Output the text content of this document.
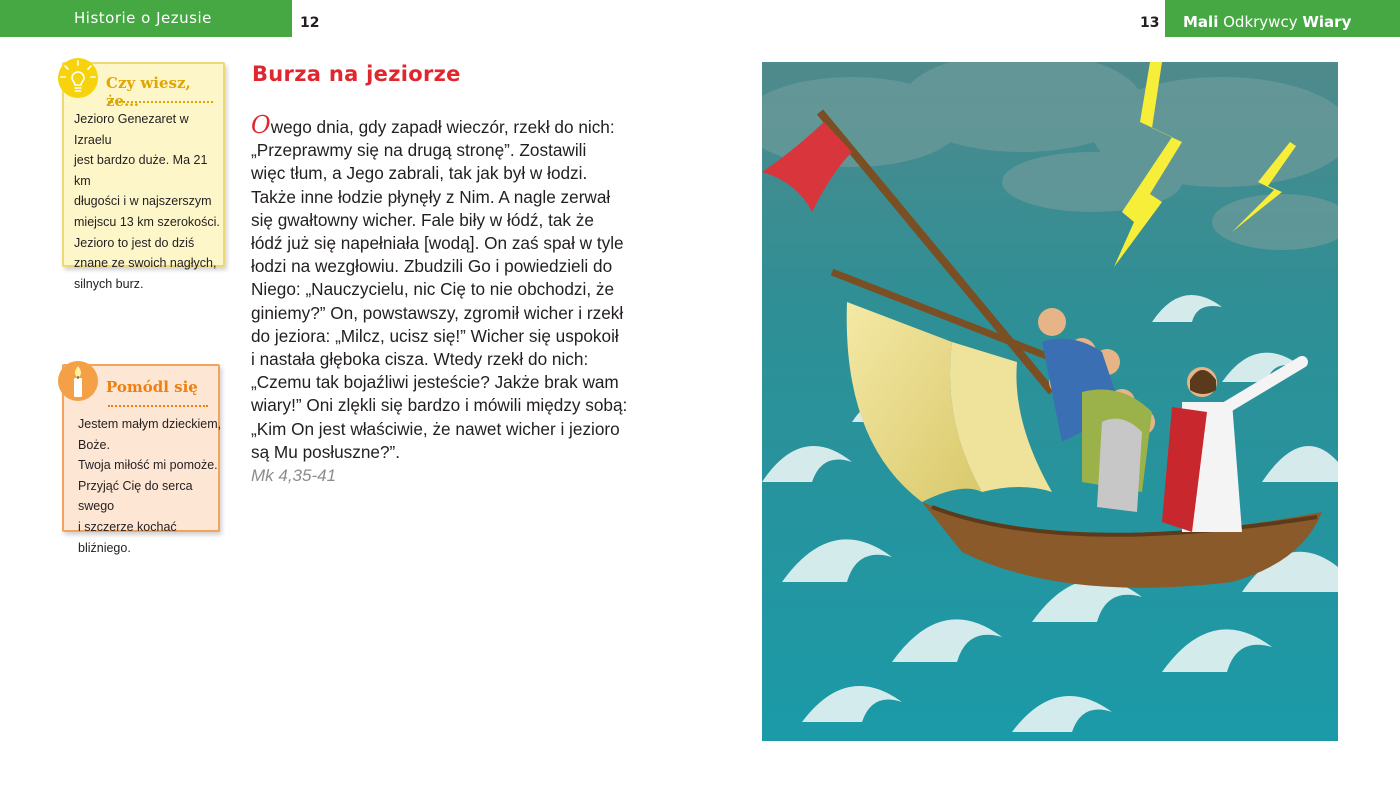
Historie o Jezusie	12	13	Mali Odkrywcy Wiary
Czy wiesz, że…
Jezioro Genezaret w Izraelu
jest bardzo duże. Ma 21 km
długości i w najszerszym
miejscu 13 km szerokości.
Jezioro to jest do dziś
znane ze swoich nagłych,
silnych burz.
Pomódl się
Jestem małym dzieckiem,
Boże.
Twoja miłość mi pomoże.
Przyjąć Cię do serca swego
i szczerze kochać bliźniego.
Burza na jeziorze
Owego dnia, gdy zapadł wieczór, rzekł do nich:
„Przeprawmy się na drugą stronę”. Zostawili
więc tłum, a Jego zabrali, tak jak był w łodzi.
Także inne łodzie płynęły z Nim. A nagle zerwał
się gwałtowny wicher. Fale biły w łódź, tak że
łódź już się napełniała [wodą]. On zaś spał w tyle
łodzi na wezgłowiu. Zbudzili Go i powiedzieli do
Niego: „Nauczycielu, nic Cię to nie obchodzi, że
giniemy?” On, powstawszy, zgromił wicher i rzekł
do jeziora: „Milcz, ucisz się!” Wicher się uspokoił
i nastała głęboka cisza. Wtedy rzekł do nich:
„Czemu tak bojaźliwi jesteście? Jakże brak wam
wiary!” Oni zlękli się bardzo i mówili między sobą:
„Kim On jest właściwie, że nawet wicher i jezioro
są Mu posłuszne?”.
Mk 4,35-41
